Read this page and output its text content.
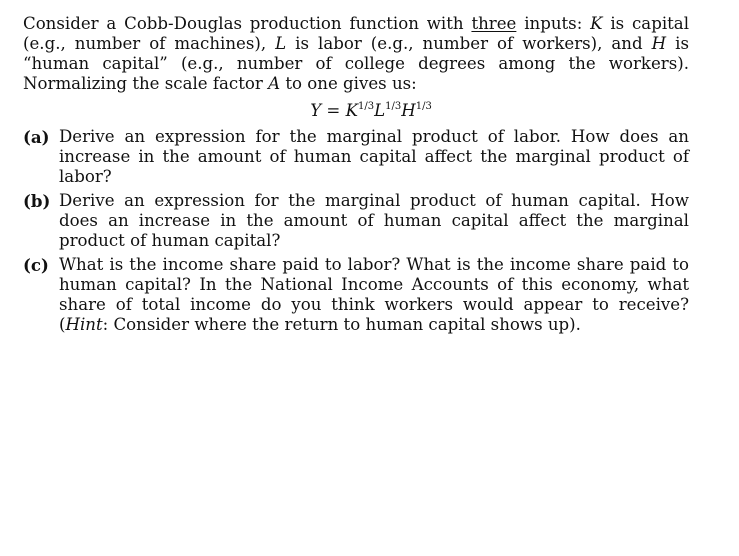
Consider a Cobb-Douglas production function with three inputs: K is capital (e.g., number of machines), L is labor (e.g., number of workers), and H is “human capital” (e.g., number of college degrees among the workers). Normalizing the scale factor A to one gives us:

$Y = K^{1/3}L^{1/3}H^{1/3}$
(a) Derive an expression for the marginal product of labor. How does an increase in the amount of human capital affect the marginal product of labor?
(b) Derive an expression for the marginal product of human capital. How does an increase in the amount of human capital affect the marginal product of human capital?
(c) What is the income share paid to labor? What is the income share paid to human capital? In the National Income Accounts of this economy, what share of total income do you think workers would appear to receive? (Hint: Consider where the return to human capital shows up).
